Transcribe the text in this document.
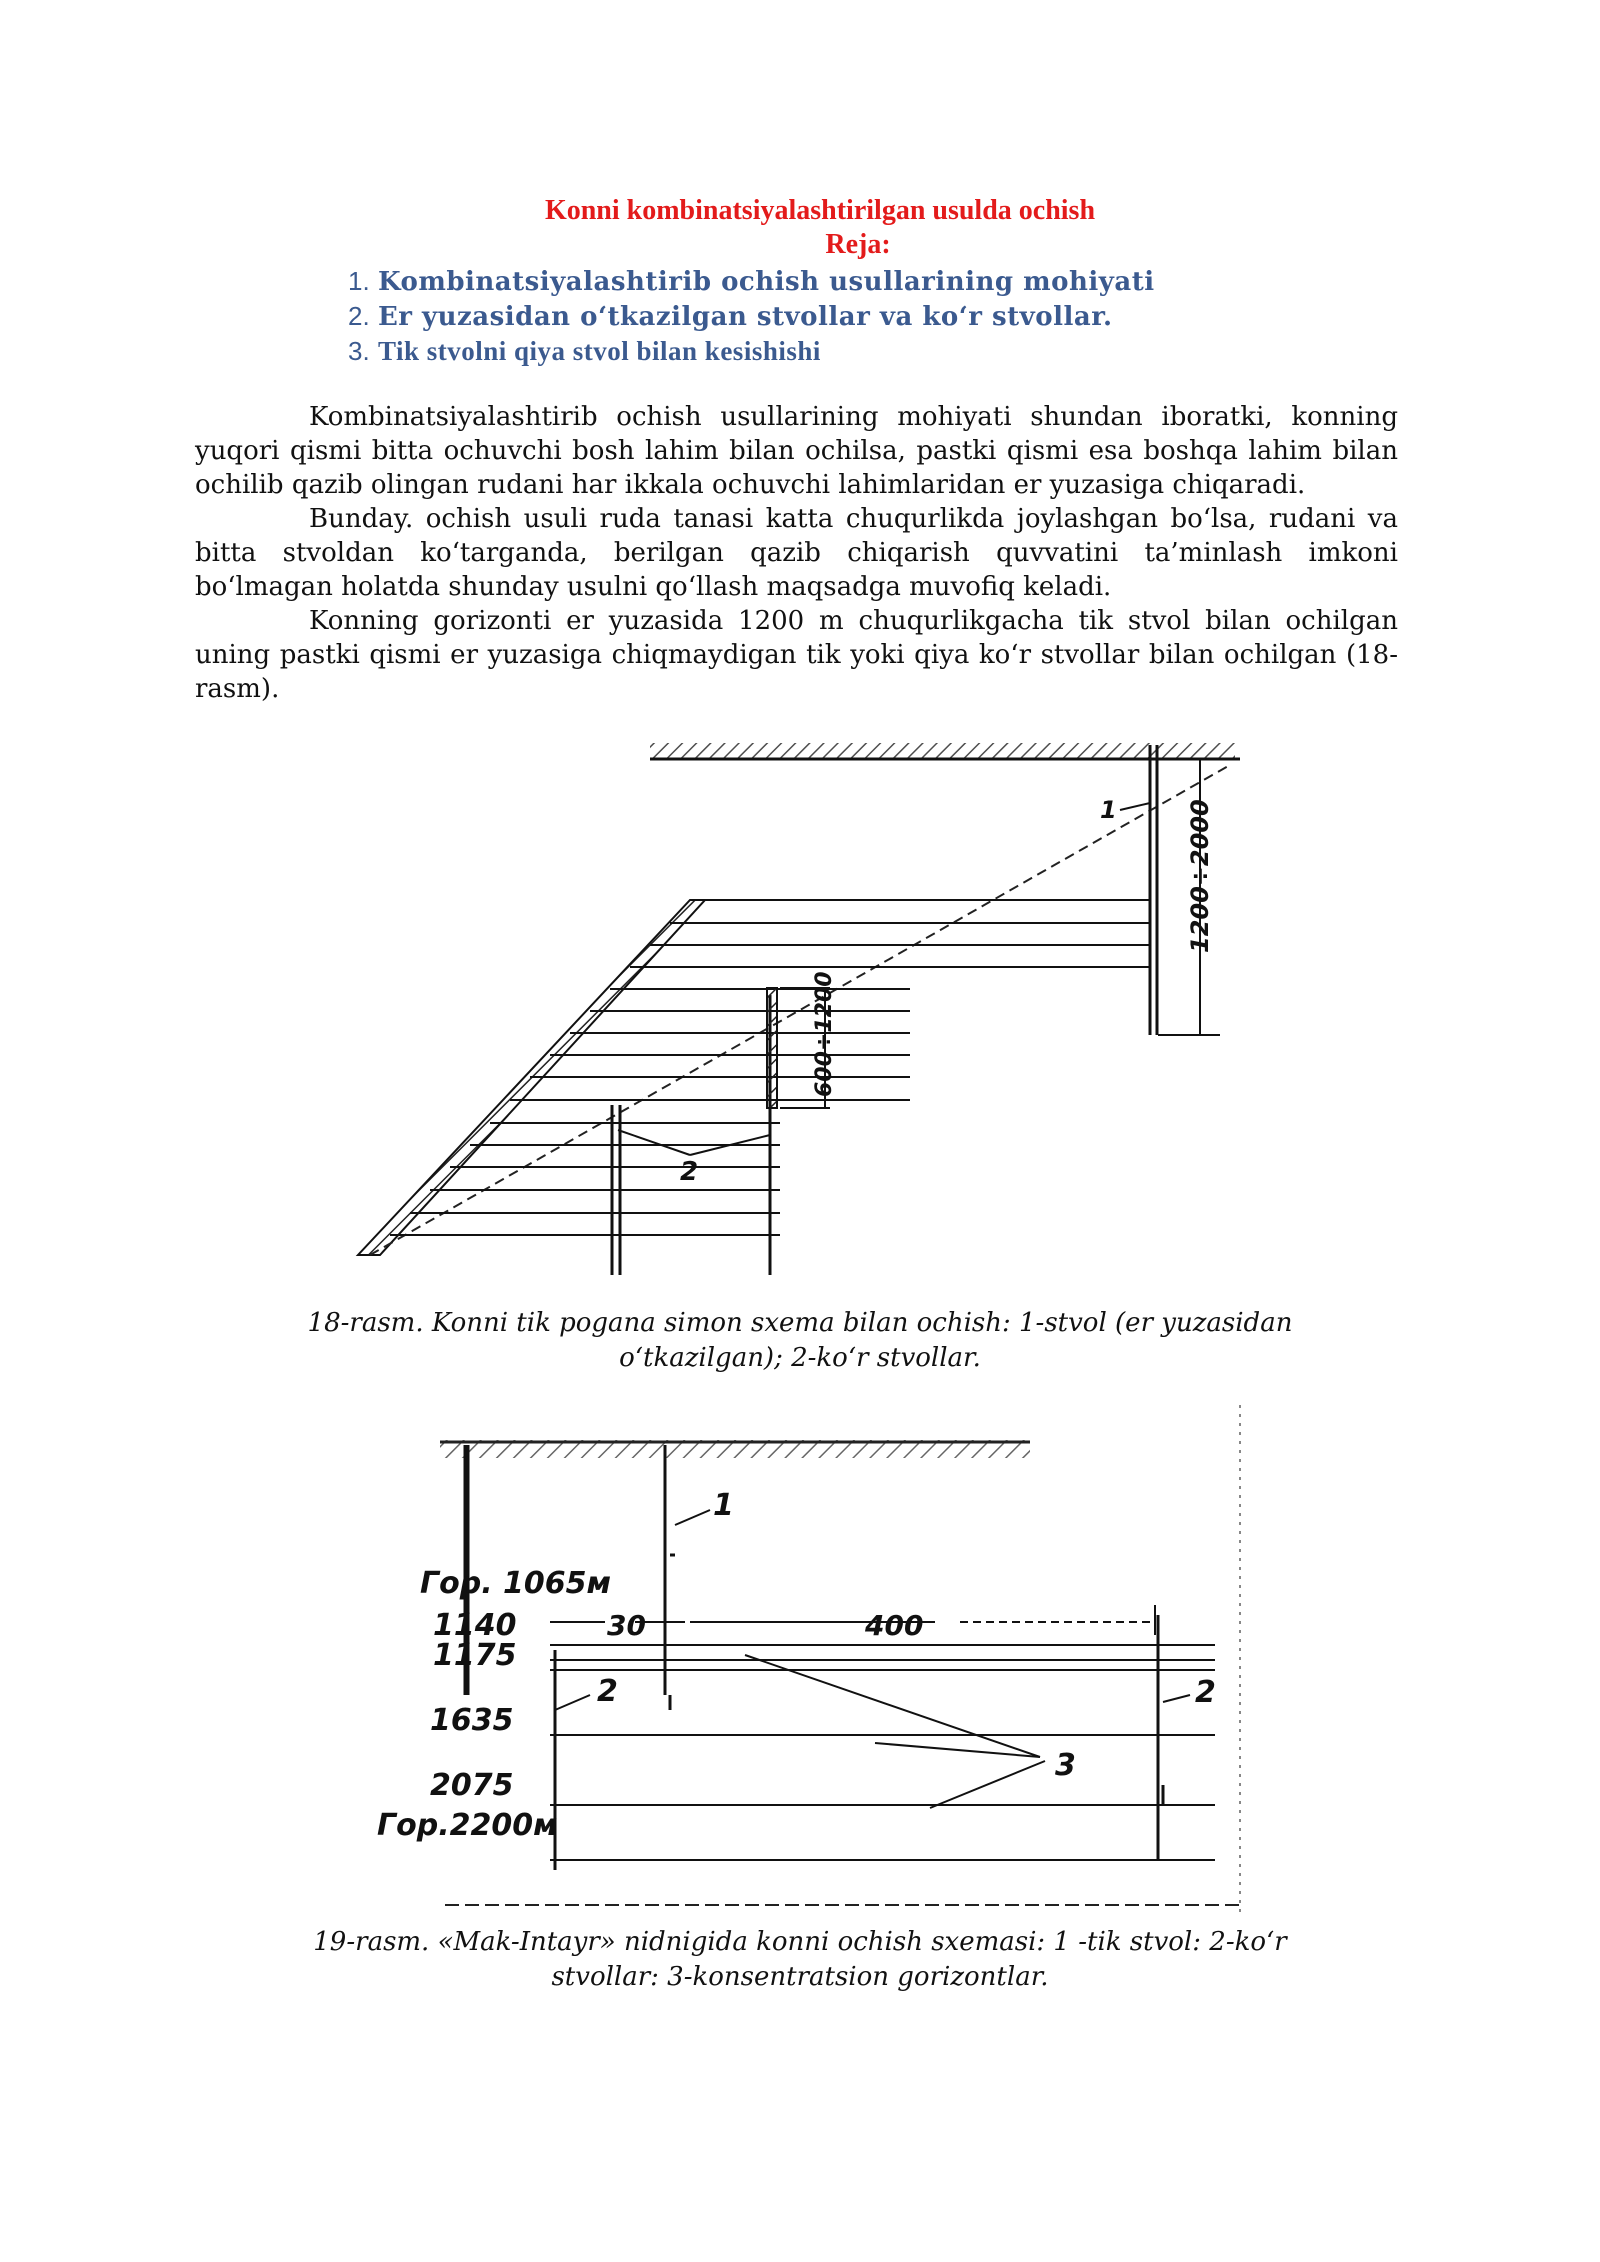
Konni kombinatsiyalashtirilgan usulda ochish
Reja:
1. Kombinatsiyalashtirib ochish usullarining mohiyati
2. Er yuzasidan o‘tkazilgan stvollar va ko‘r stvollar.
3. Tik stvolni qiya stvol bilan kesishishi

Kombinatsiyalashtirib ochish usullarining mohiyati shundan iboratki, konning yuqori qismi bitta ochuvchi bosh lahim bilan ochilsa, pastki qismi esa boshqa lahim bilan ochilib qazib olingan rudani har ikkala ochuvchi lahimlaridan er yuzasiga chiqaradi.

Bunday. ochish usuli ruda tanasi katta chuqurlikda joylashgan bo‘lsa, rudani va bitta stvoldan ko‘targanda, berilgan qazib chiqarish quvvatini ta’minlash imkoni bo‘lmagan holatda shunday usulni qo‘llash maqsadga muvofiq keladi.

Konning gorizonti er yuzasida 1200 m chuqurlikgacha tik stvol bilan ochilgan uning pastki qismi er yuzasiga chiqmaydigan tik yoki qiya ko‘r stvollar bilan ochilgan (18-rasm).

1200÷2000
600÷1200
1
2

18-rasm. Konni tik pogana simon sxema bilan ochish: 1-stvol (er yuzasidan
o‘tkazilgan); 2-ko‘r stvollar.

30	400
3
1
2	2
Гор. 1065м
1140
1175
1635
2075
Гор.2200м

19-rasm. «Mak-Intayr» nidnigida konni ochish sxemasi: 1 -tik stvol: 2-ko‘r
stvollar: 3-konsentratsion gorizontlar.
